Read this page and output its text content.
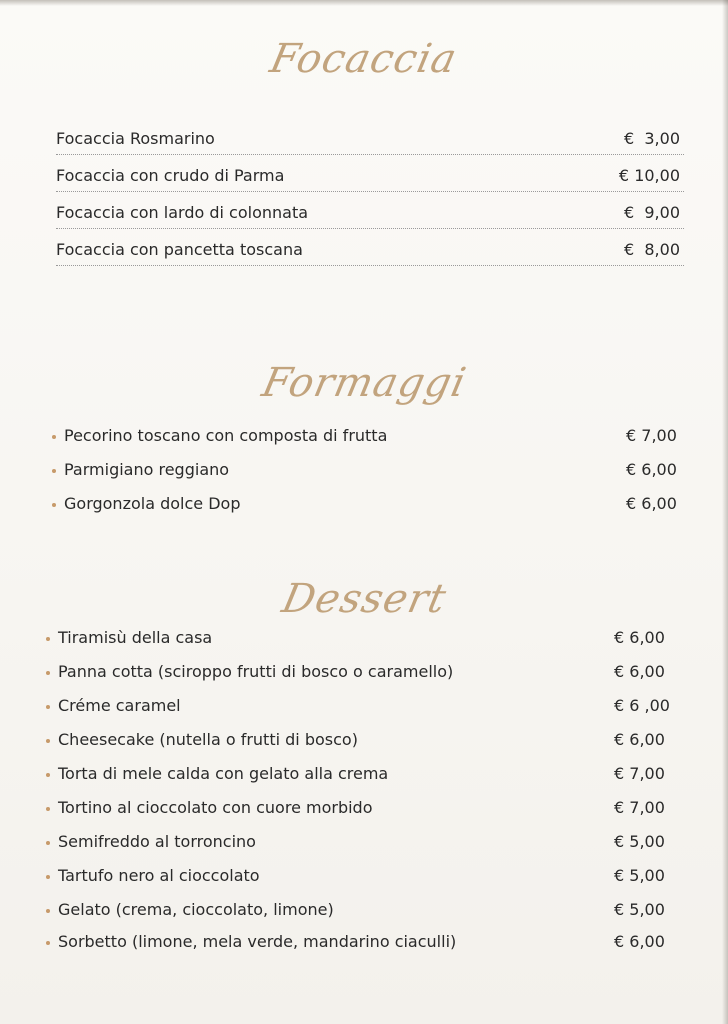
Focaccia
Focaccia Rosmarino	€  3,00
Focaccia con crudo di Parma	€ 10,00
Focaccia con lardo di colonnata	€  9,00
Focaccia con pancetta toscana	€  8,00
Formaggi
Pecorino toscano con composta di frutta	€ 7,00
Parmigiano reggiano	€ 6,00
Gorgonzola dolce Dop	€ 6,00
Dessert
Tiramisù della casa	€ 6,00
Panna cotta (sciroppo frutti di bosco o caramello)	€ 6,00
Créme caramel	€ 6 ,00
Cheesecake (nutella o frutti di bosco)	€ 6,00
Torta di mele calda con gelato alla crema	€ 7,00
Tortino al cioccolato con cuore morbido	€ 7,00
Semifreddo al torroncino	€ 5,00
Tartufo nero al cioccolato	€ 5,00
Gelato (crema, cioccolato, limone)	€ 5,00
Sorbetto (limone, mela verde, mandarino ciaculli)	€ 6,00
